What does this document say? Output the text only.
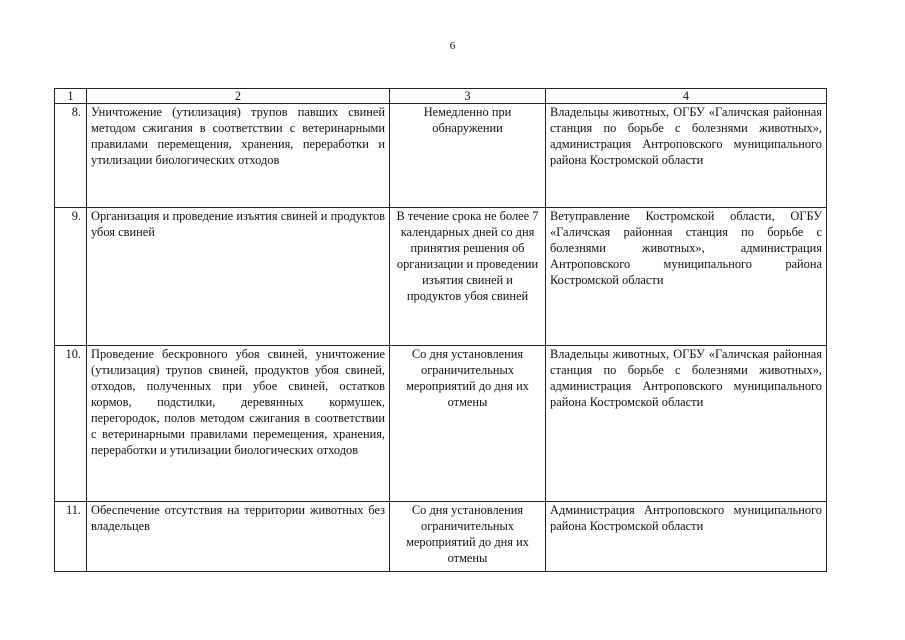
6
1	2	3	4
8.	Уничтожение (утилизация) трупов павших свиней методом сжигания в соответствии с ветеринарными правилами перемещения, хранения, переработки и утилизации биологических отходов	Немедленно при обнаружении	Владельцы животных, ОГБУ «Галичская районная станция по борьбе с болезнями животных», администрация Антроповского муниципального района Костромской области
9.	Организация и проведение изъятия свиней и продуктов убоя свиней	В течение срока не более 7 календарных дней со дня принятия решения об организации и проведении изъятия свиней и продуктов убоя свиней	Ветуправление Костромской области, ОГБУ «Галичская районная станция по борьбе с болезнями животных», администрация Антроповского муниципального района Костромской области
10.	Проведение бескровного убоя свиней, уничтожение (утилизация) трупов свиней, продуктов убоя свиней, отходов, полученных при убое свиней, остатков кормов, подстилки, деревянных кормушек, перегородок, полов методом сжигания в соответствии с ветеринарными правилами перемещения, хранения, переработки и утилизации биологических отходов	Со дня установления ограничительных мероприятий до дня их отмены	Владельцы животных, ОГБУ «Галичская районная станция по борьбе с болезнями животных», администрация Антроповского муниципального района Костромской области
11.	Обеспечение отсутствия на территории животных без владельцев	Со дня установления ограничительных мероприятий до дня их отмены	Администрация Антроповского муниципального района Костромской области
